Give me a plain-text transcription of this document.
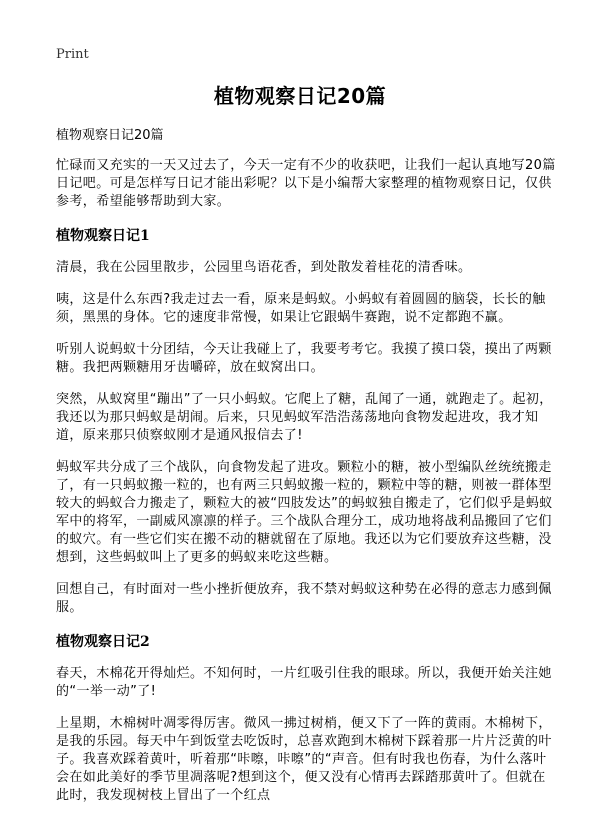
Print
植物观察日记20篇

植物观察日记20篇

忙碌而又充实的一天又过去了，今天一定有不少的收获吧，让我们一起认真地写20篇日记吧。可是怎样写日记才能出彩呢？以下是小编帮大家整理的植物观察日记，仅供参考，希望能够帮助到大家。

植物观察日记1

清晨，我在公园里散步，公园里鸟语花香，到处散发着桂花的清香味。

咦，这是什么东西?我走过去一看，原来是蚂蚁。小蚂蚁有着圆圆的脑袋，长长的触须，黑黑的身体。它的速度非常慢，如果让它跟蜗牛赛跑，说不定都跑不赢。

听别人说蚂蚁十分团结，今天让我碰上了，我要考考它。我摸了摸口袋，摸出了两颗糖。我把两颗糖用牙齿嚼碎，放在蚁窝出口。

突然，从蚁窝里“蹦出”了一只小蚂蚁。它爬上了糖，乱闻了一通，就跑走了。起初，我还以为那只蚂蚁是胡闹。后来，只见蚂蚁军浩浩荡荡地向食物发起进攻，我才知道，原来那只侦察蚁刚才是通风报信去了!

蚂蚁军共分成了三个战队，向食物发起了进攻。颗粒小的糖，被小型编队丝统统搬走了，有一只蚂蚁搬一粒的，也有两三只蚂蚁搬一粒的，颗粒中等的糖，则被一群体型较大的蚂蚁合力搬走了，颗粒大的被“四肢发达”的蚂蚁独自搬走了，它们似乎是蚂蚁军中的将军，一副威风凛凛的样子。三个战队合理分工，成功地将战利品搬回了它们的蚁穴。有一些它们实在搬不动的糖就留在了原地。我还以为它们要放弃这些糖，没想到，这些蚂蚁叫上了更多的蚂蚁来吃这些糖。

回想自己，有时面对一些小挫折便放弃，我不禁对蚂蚁这种势在必得的意志力感到佩服。

植物观察日记2

春天，木棉花开得灿烂。不知何时，一片红吸引住我的眼球。所以，我便开始关注她的“一举一动”了!

上星期，木棉树叶凋零得厉害。微风一拂过树梢，便又下了一阵的黄雨。木棉树下，是我的乐园。每天中午到饭堂去吃饭时，总喜欢跑到木棉树下踩着那一片片泛黄的叶子。我喜欢踩着黄叶，听着那“咔嚓，咔嚓”的“声音。但有时我也伤春，为什么落叶会在如此美好的季节里凋落呢?想到这个，便又没有心情再去踩踏那黄叶了。但就在此时，我发现树枝上冒出了一个红点
